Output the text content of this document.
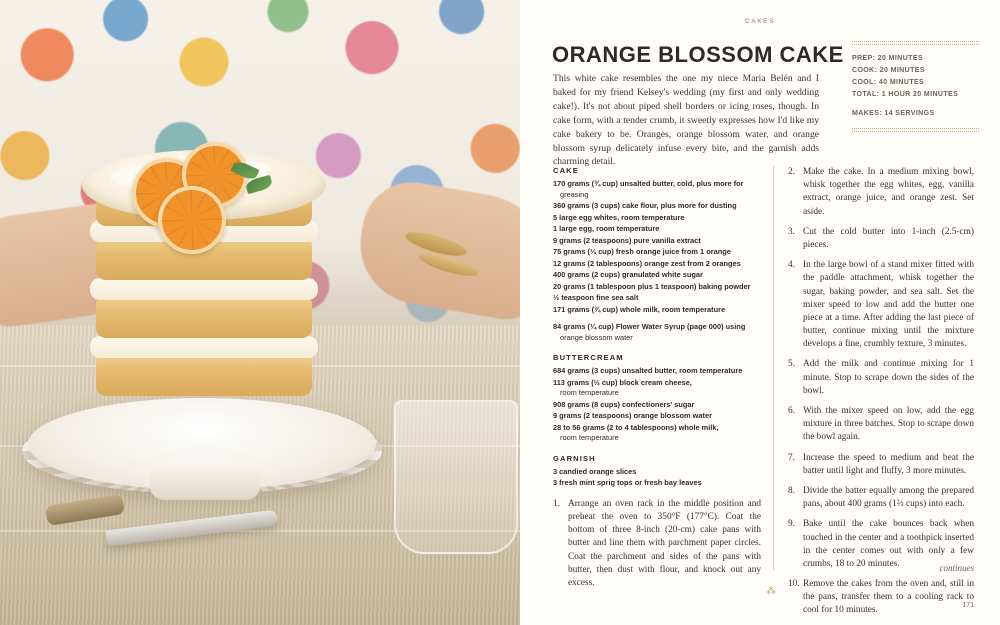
CAKES
ORANGE BLOSSOM CAKE
This white cake resembles the one my niece Maria Belén and I baked for my friend Kelsey's wedding (my first and only wedding cake!). It's not about piped shell borders or icing roses, though. In cake form, with a tender crumb, it sweetly expresses how I'd like my cake bakery to be. Oranges, orange blossom water, and orange blossom syrup delicately infuse every bite, and the garnish adds charming detail.
PREP: 20 MINUTES
COOK: 20 MINUTES
COOL: 40 MINUTES
TOTAL: 1 HOUR 20 MINUTES
MAKES: 14 SERVINGS
CAKE
170 grams (¾ cup) unsalted butter, cold, plus more for
greasing
360 grams (3 cups) cake flour, plus more for dusting
5 large egg whites, room temperature
1 large egg, room temperature
9 grams (2 teaspoons) pure vanilla extract
75 grams (⅓ cup) fresh orange juice from 1 orange
12 grams (2 tablespoons) orange zest from 2 oranges
400 grams (2 cups) granulated white sugar
20 grams (1 tablespoon plus 1 teaspoon) baking powder
½ teaspoon fine sea salt
171 grams (¾ cup) whole milk, room temperature
84 grams (¼ cup) Flower Water Syrup (page 000) using
orange blossom water
BUTTERCREAM
684 grams (3 cups) unsalted butter, room temperature
113 grams (½ cup) block cream cheese,
room temperature
908 grams (8 cups) confectioners' sugar
9 grams (2 teaspoons) orange blossom water
28 to 56 grams (2 to 4 tablespoons) whole milk,
room temperature
GARNISH
3 candied orange slices
3 fresh mint sprig tops or fresh bay leaves
Arrange an oven rack in the middle position and preheat the oven to 350°F (177°C). Coat the bottom of three 8-inch (20-cm) cake pans with butter and line them with parchment paper circles. Coat the parchment and sides of the pans with butter, then dust with flour, and knock out any excess.
Make the cake. In a medium mixing bowl, whisk together the egg whites, egg, vanilla extract, orange juice, and orange zest. Set aside.
Cut the cold butter into 1-inch (2.5-cm) pieces.
In the large bowl of a stand mixer fitted with the paddle attachment, whisk together the sugar, baking powder, and sea salt. Set the mixer speed to low and add the butter one piece at a time. After adding the last piece of butter, continue mixing until the mixture develops a fine, crumbly texture, 3 minutes.
Add the milk and continue mixing for 1 minute. Stop to scrape down the sides of the bowl.
With the mixer speed on low, add the egg mixture in three batches. Stop to scrape down the bowl again.
Increase the speed to medium and beat the batter until light and fluffy, 3 more minutes.
Divide the batter equally among the prepared pans, about 400 grams (1⅔ cups) into each.
Bake until the cake bounces back when touched in the center and a toothpick inserted in the center comes out with only a few crumbs, 18 to 20 minutes.
Remove the cakes from the oven and, still in the pans, transfer them to a cooling rack to cool for 10 minutes.
continues
⁂
171
